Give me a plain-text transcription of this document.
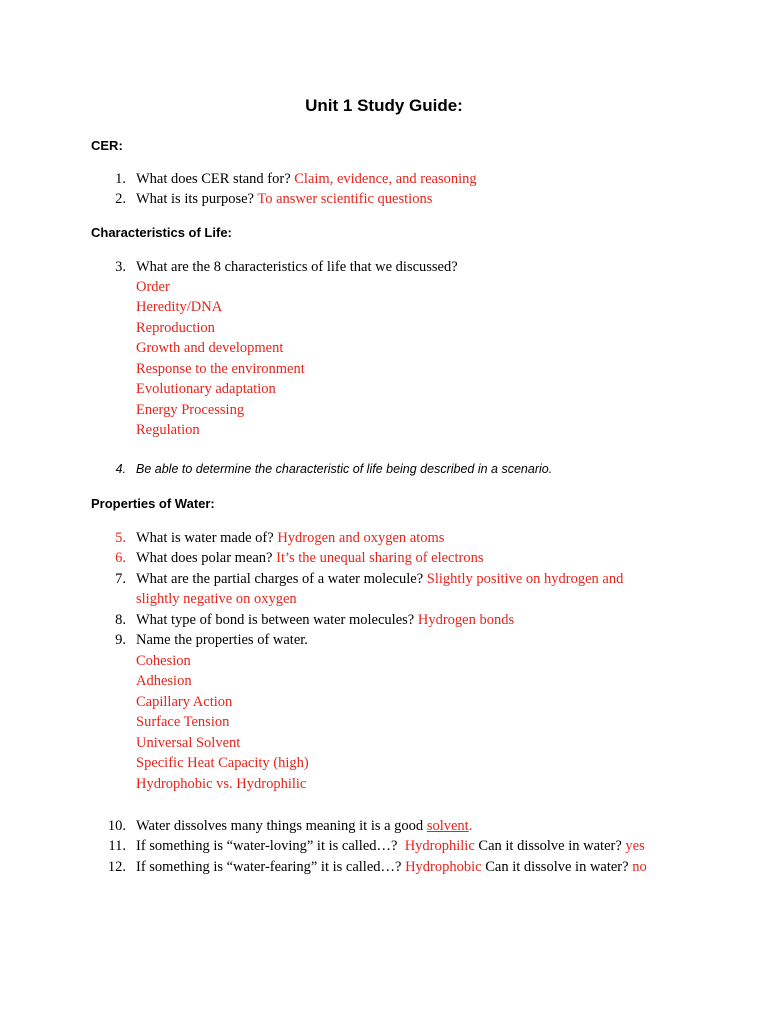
Unit 1 Study Guide:
CER:
1. What does CER stand for? Claim, evidence, and reasoning
2. What is its purpose? To answer scientific questions
Characteristics of Life:
3. What are the 8 characteristics of life that we discussed?
Order
Heredity/DNA
Reproduction
Growth and development
Response to the environment
Evolutionary adaptation
Energy Processing
Regulation
4. Be able to determine the characteristic of life being described in a scenario.
Properties of Water:
5. What is water made of? Hydrogen and oxygen atoms
6. What does polar mean? It’s the unequal sharing of electrons
7. What are the partial charges of a water molecule? Slightly positive on hydrogen and
slightly negative on oxygen
8. What type of bond is between water molecules? Hydrogen bonds
9. Name the properties of water.
Cohesion
Adhesion
Capillary Action
Surface Tension
Universal Solvent
Specific Heat Capacity (high)
Hydrophobic vs. Hydrophilic
10. Water dissolves many things meaning it is a good solvent.
11. If something is “water-loving” it is called…? Hydrophilic Can it dissolve in water? yes
12. If something is “water-fearing” it is called…? Hydrophobic Can it dissolve in water? no
